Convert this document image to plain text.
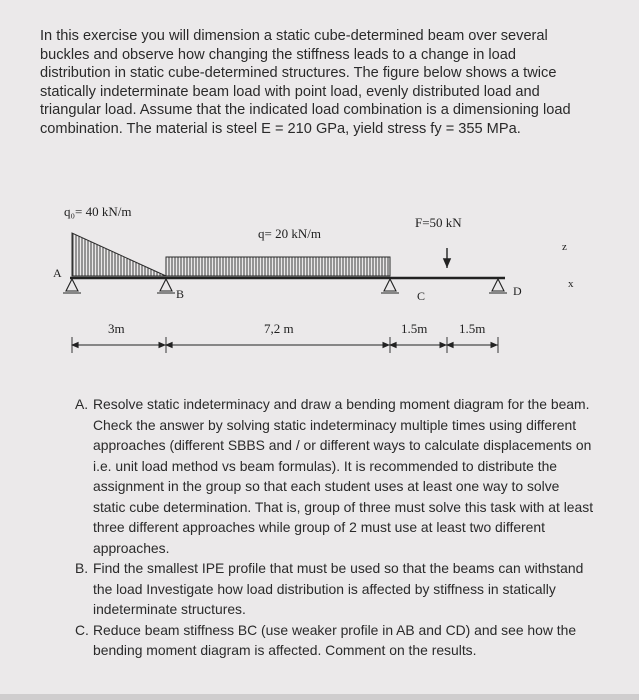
In this exercise you will dimension a static cube-determined beam over several buckles and observe how changing the stiffness leads to a change in load distribution in static cube-determined structures. The figure below shows a twice statically indeterminate beam load with point load, evenly distributed load and triangular load. Assume that the indicated load combination is a dimensioning load combination. The material is steel E = 210 GPa, yield stress fy = 355 MPa.

q₀= 40 kN/m
q= 20 kN/m
F=50 kN
A
B	C	D
z
x
3m	7,2 m	1.5m 1.5m
A. Resolve static indeterminacy and draw a bending moment diagram for the beam. Check the answer by solving static indeterminacy multiple times using different approaches (different SBBS and / or different ways to calculate displacements on i.e. unit load method vs beam formulas). It is recommended to distribute the assignment in the group so that each student uses at least one way to solve static cube determination. That is, group of three must solve this task with at least three different approaches while group of 2 must use at least two different approaches.
B. Find the smallest IPE profile that must be used so that the beams can withstand the load Investigate how load distribution is affected by stiffness in statically indeterminate structures.
C. Reduce beam stiffness BC (use weaker profile in AB and CD) and see how the bending moment diagram is affected. Comment on the results.
